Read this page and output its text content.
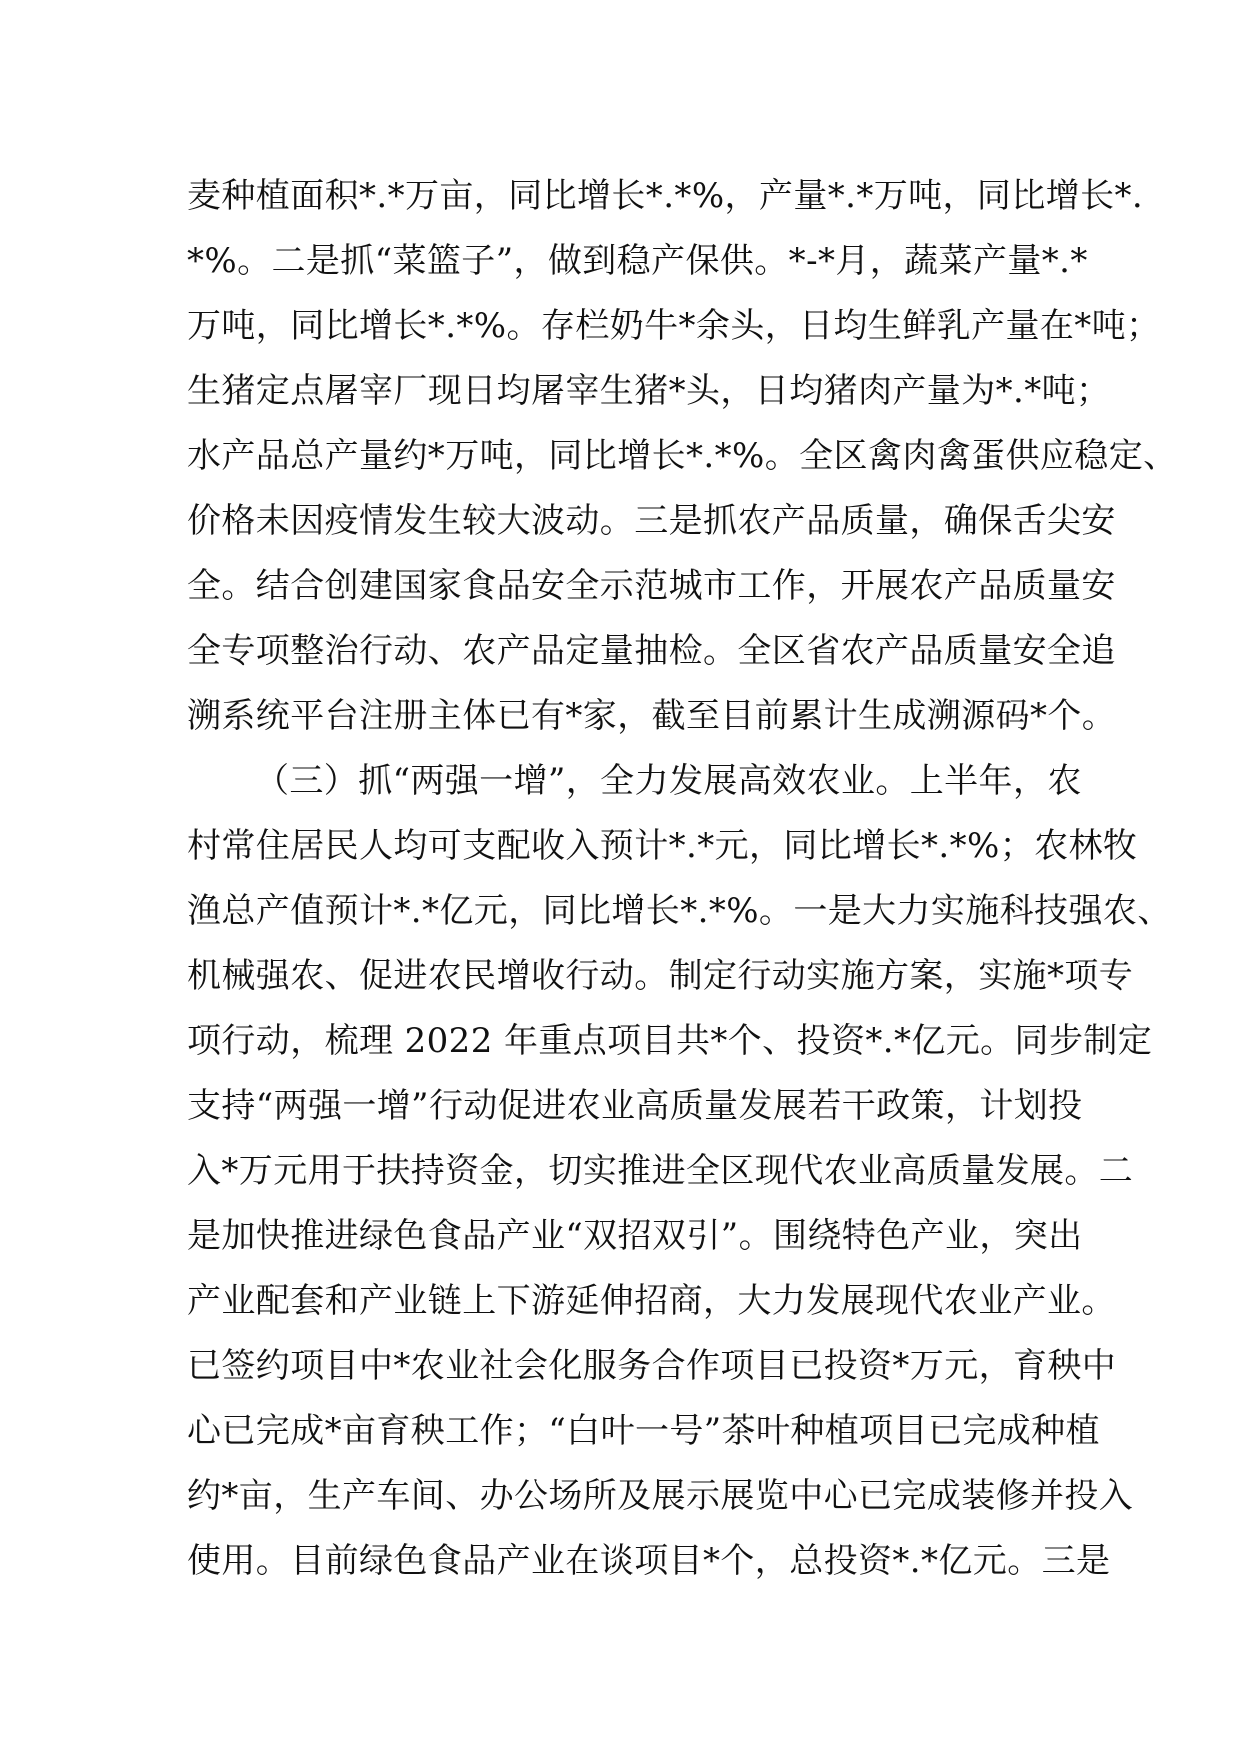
麦种植面积*.*万亩，同比增长*.*%，产量*.*万吨，同比增长*.
*%。二是抓“菜篮子”，做到稳产保供。*-*月，蔬菜产量*.*
万吨，同比增长*.*%。存栏奶牛*余头，日均生鲜乳产量在*吨；
生猪定点屠宰厂现日均屠宰生猪*头，日均猪肉产量为*.*吨；
水产品总产量约*万吨，同比增长*.*%。全区禽肉禽蛋供应稳定、
价格未因疫情发生较大波动。三是抓农产品质量，确保舌尖安
全。结合创建国家食品安全示范城市工作，开展农产品质量安
全专项整治行动、农产品定量抽检。全区省农产品质量安全追
溯系统平台注册主体已有*家，截至目前累计生成溯源码*个。
（三）抓“两强一增”，全力发展高效农业。上半年，农
村常住居民人均可支配收入预计*.*元，同比增长*.*%；农林牧
渔总产值预计*.*亿元，同比增长*.*%。一是大力实施科技强农、
机械强农、促进农民增收行动。制定行动实施方案，实施*项专
项行动，梳理 2022 年重点项目共*个、投资*.*亿元。同步制定
支持“两强一增”行动促进农业高质量发展若干政策，计划投
入*万元用于扶持资金，切实推进全区现代农业高质量发展。二
是加快推进绿色食品产业“双招双引”。围绕特色产业，突出
产业配套和产业链上下游延伸招商，大力发展现代农业产业。
已签约项目中*农业社会化服务合作项目已投资*万元，育秧中
心已完成*亩育秧工作；“白叶一号”茶叶种植项目已完成种植
约*亩，生产车间、办公场所及展示展览中心已完成装修并投入
使用。目前绿色食品产业在谈项目*个，总投资*.*亿元。三是
